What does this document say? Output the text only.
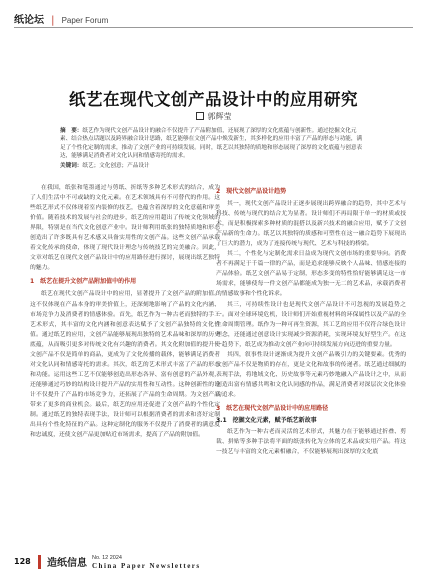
纸论坛 | Paper Forum
纸艺在现代文创产品设计中的应用研究
郭辉莹
摘　要：纸艺作为现代文创产品设计的融合不仅提升了产品附加值，还展现了深厚的文化底蕴与创新性。通过挖掘文化元素、结合热点话题以及跨界融合设计思路，纸艺能够在文创产品中焕发新生，其多样化的应用丰富了产品的形态与功能，满足了个性化定制的需求，推动了文创产业的可持续发展。同时，纸艺以其独特的质地和形态展现了深厚的文化底蕴与创意表达，能够满足消费者对文化认同和情感寄托的需求。
关键词：纸艺；文化创意；产品设计

在我国，纸张和笔墨通过与剪纸、折纸等多种艺术形式的结合，成为了人们生活中不可或缺的文化元素。在艺术领域具有不可替代的作用。这些纸艺形式不仅体现着室内装修的技艺，也蕴含着深厚的文化意蕴和审美价值。随着技术的发展与社会的进步，纸艺的应用超出了传统文化领域的界限，特别是在当代文化创意产业中。设计师利用纸张的独特质地和形态创造出了许多既具有艺术感又具备实用性的文创产品。这些文创产品承载着文化传承的使命，体现了现代设计理念与传统技艺的完美融合。因此，文章对纸艺在现代文创产品设计中的应用路径进行探讨，展现出纸艺独特的魅力。

1　纸艺在提升文创产品附加值中的作用

纸艺在现代文创产品设计中的应用，显著提升了文创产品的附加值。这不仅体现在产品本身的审美价值上，还深刻地影响了产品的文化内涵、市场竞争力及消费者的情感体验。首先，纸艺作为一种古老而独特的手工艺术形式，其丰富的文化内涵和创意表达赋予了文创产品独特的文化价值。通过纸艺的应用，文创产品能够展现出独特的艺术品味和深厚的历史底蕴，从而吸引更多对传统文化有兴趣的消费者。其文化附加值的提升使文创产品不仅是简单的商品，更成为了文化传播的载体，能够满足消费者对文化认同和情感寄托的需求。其次，纸艺的艺术形式丰富了产品的形态和功能。运用这些工艺不仅能够创造出形态各异、富有创意的产品外观，还能够通过巧妙的结构设计提升产品的实用性和互动性。这种创新性的设计不仅提升了产品的市场竞争力，还拓展了产品的生命周期。为文创产品带来了更多的商业机会。最后，纸艺的应用还促进了文创产品的个性化定制。通过纸艺的独特表现手法，设计师可以根据消费者的需求和喜好定制出具有个性化特征的产品。这种定制化的服务不仅提升了消费者的满意度和忠诚度，还使文创产品更加贴近市场需求，提高了产品的附加值。

2　现代文创产品设计趋势

其一，现代文创产品设计正逐步展现出跨界融合的趋势，其中艺术与科技、传统与现代的结合尤为显著。设计师们不再局限于单一的材质或技术，而是积极探索多种材质的混搭以及新兴技术的融合应用，赋予了文创产品新的生命力。纸艺以其独特的质感和可塑性在这一融合趋势下展现出了巨大的潜力，成为了连接传统与现代、艺术与科技的桥梁。

其二，个性化与定制化需求日益成为现代文创市场的重要导向。消费者不再满足于千篇一律的产品，而是追求能够反映个人品味、情感连接的产品体验。纸艺文创产品易于定制，形态多变的特性恰好能够满足这一市场需求，能够使每一件文创产品都能成为独一无二的艺术品，承载消费者的情感故事和个性化诉求。

其三，可持续性设计也是现代文创产品设计不可忽视的发展趋势之一。面对全球环境危机，设计师们开始重视材料的环保属性以及产品的全生命周期管理。纸作为一种可再生资源，其工艺的应用不仅符合绿色设计理念，还能通过创意设计实现减少资源消耗，实现环境友好型生产。在这一趋势下，纸艺成为推动文创产业向可持续发展方向迈进的重要力量。

其四，叙事性设计逐渐成为提升文创产品吸引力的关键要素。优秀的文创产品不仅是物质的存在，更是文化和故事的传递者。纸艺通过细腻的表现手法，将地域文化、历史故事等元素巧妙地融入产品设计之中，从而创造出富有情感共鸣和文化认同感的作品，满足消费者对深层次文化体验的追求。

3　纸艺在现代文创产品设计中的应用路径
3.1　挖掘文化元素，赋予纸艺新故事

纸艺作为一种古老而灵活的艺术形式，其魅力在于能够通过折叠、剪裁、拼贴等多种手法将平面的纸张转化为立体的艺术品或实用产品。将这一技艺与丰富的文化元素相融合，不仅能够展现出深厚的文化底

128 造纸信息 No. 12 2024
China Paper Newsletters
